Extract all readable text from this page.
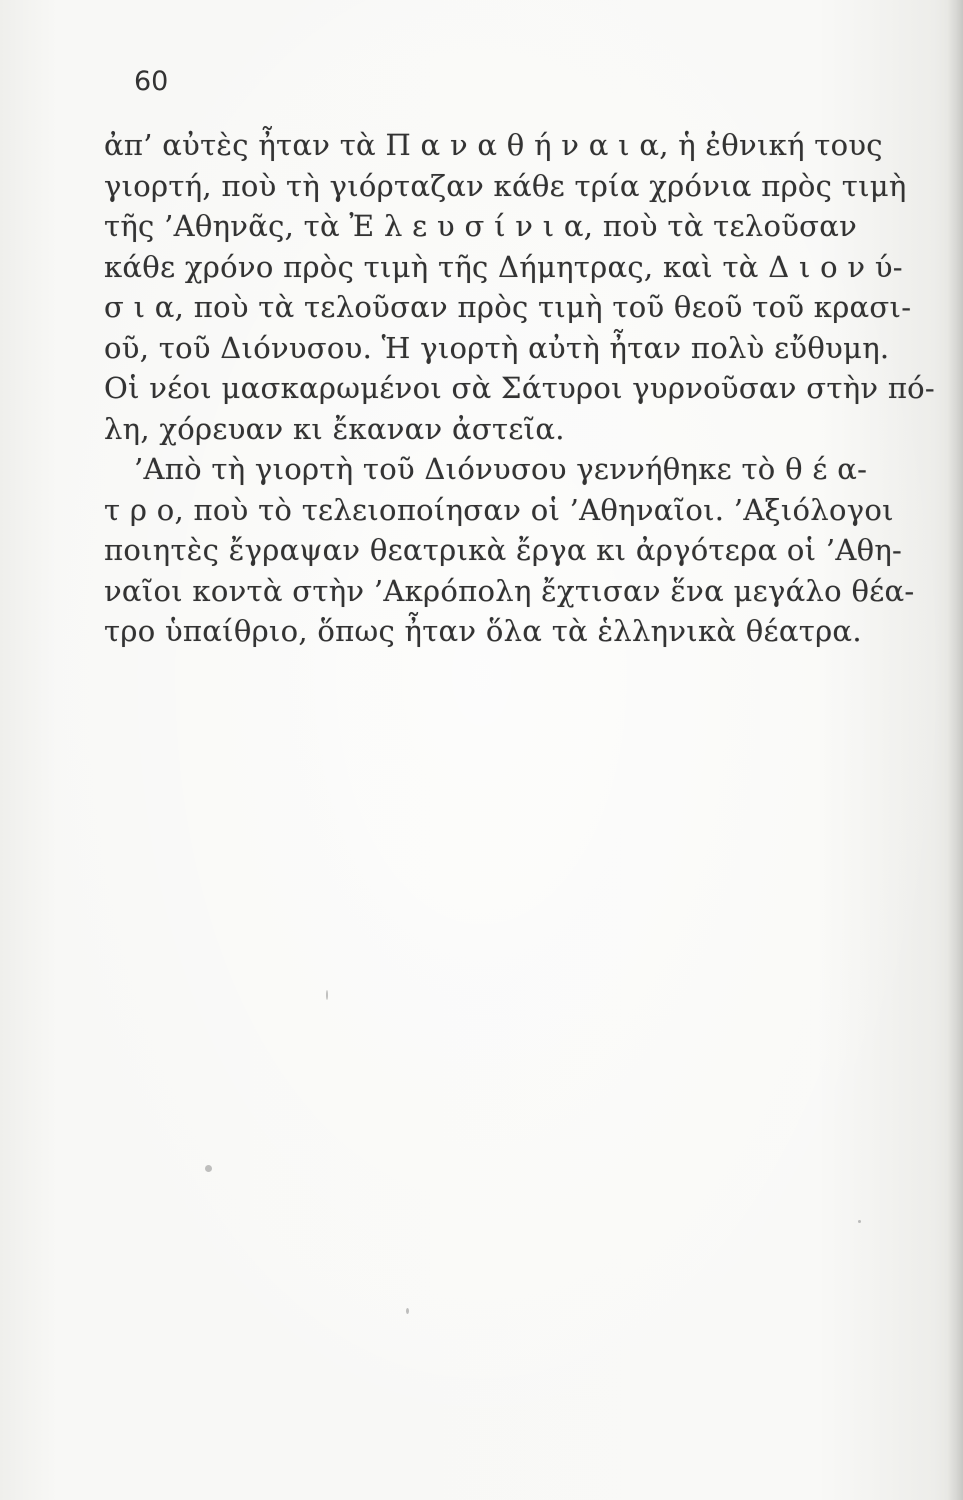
60
ἀπ’ αὐτὲς ἦταν τὰ Π α ν α θ ή ν α ι α, ἡ ἐθνική τους
γιορτή, ποὺ τὴ γιόρταζαν κάθε τρία χρόνια πρὸς τιμὴ
τῆς ’Αθηνᾶς, τὰ Ἐ λ ε υ σ ί ν ι α, ποὺ τὰ τελοῦσαν
κάθε χρόνο πρὸς τιμὴ τῆς Δήμητρας, καὶ τὰ Δ ι ο ν ύ-
σ ι α, ποὺ τὰ τελοῦσαν πρὸς τιμὴ τοῦ θεοῦ τοῦ κρασι-
οῦ, τοῦ Διόνυσου. Ἡ γιορτὴ αὐτὴ ἦταν πολὺ εὔθυμη.
Οἱ νέοι μασκαρωμένοι σὰ Σάτυροι γυρνοῦσαν στὴν πό-
λη, χόρευαν κι ἔκαναν ἀστεῖα.
’Απὸ τὴ γιορτὴ τοῦ Διόνυσου γεννήθηκε τὸ θ έ α-
τ ρ ο, ποὺ τὸ τελειοποίησαν οἱ ’Αθηναῖοι. ’Αξιόλογοι
ποιητὲς ἔγραψαν θεατρικὰ ἔργα κι ἀργότερα οἱ ’Αθη-
ναῖοι κοντὰ στὴν ’Ακρόπολη ἔχτισαν ἕνα μεγάλο θέα-
τρο ὑπαίθριο, ὅπως ἦταν ὅλα τὰ ἑλληνικὰ θέατρα.
